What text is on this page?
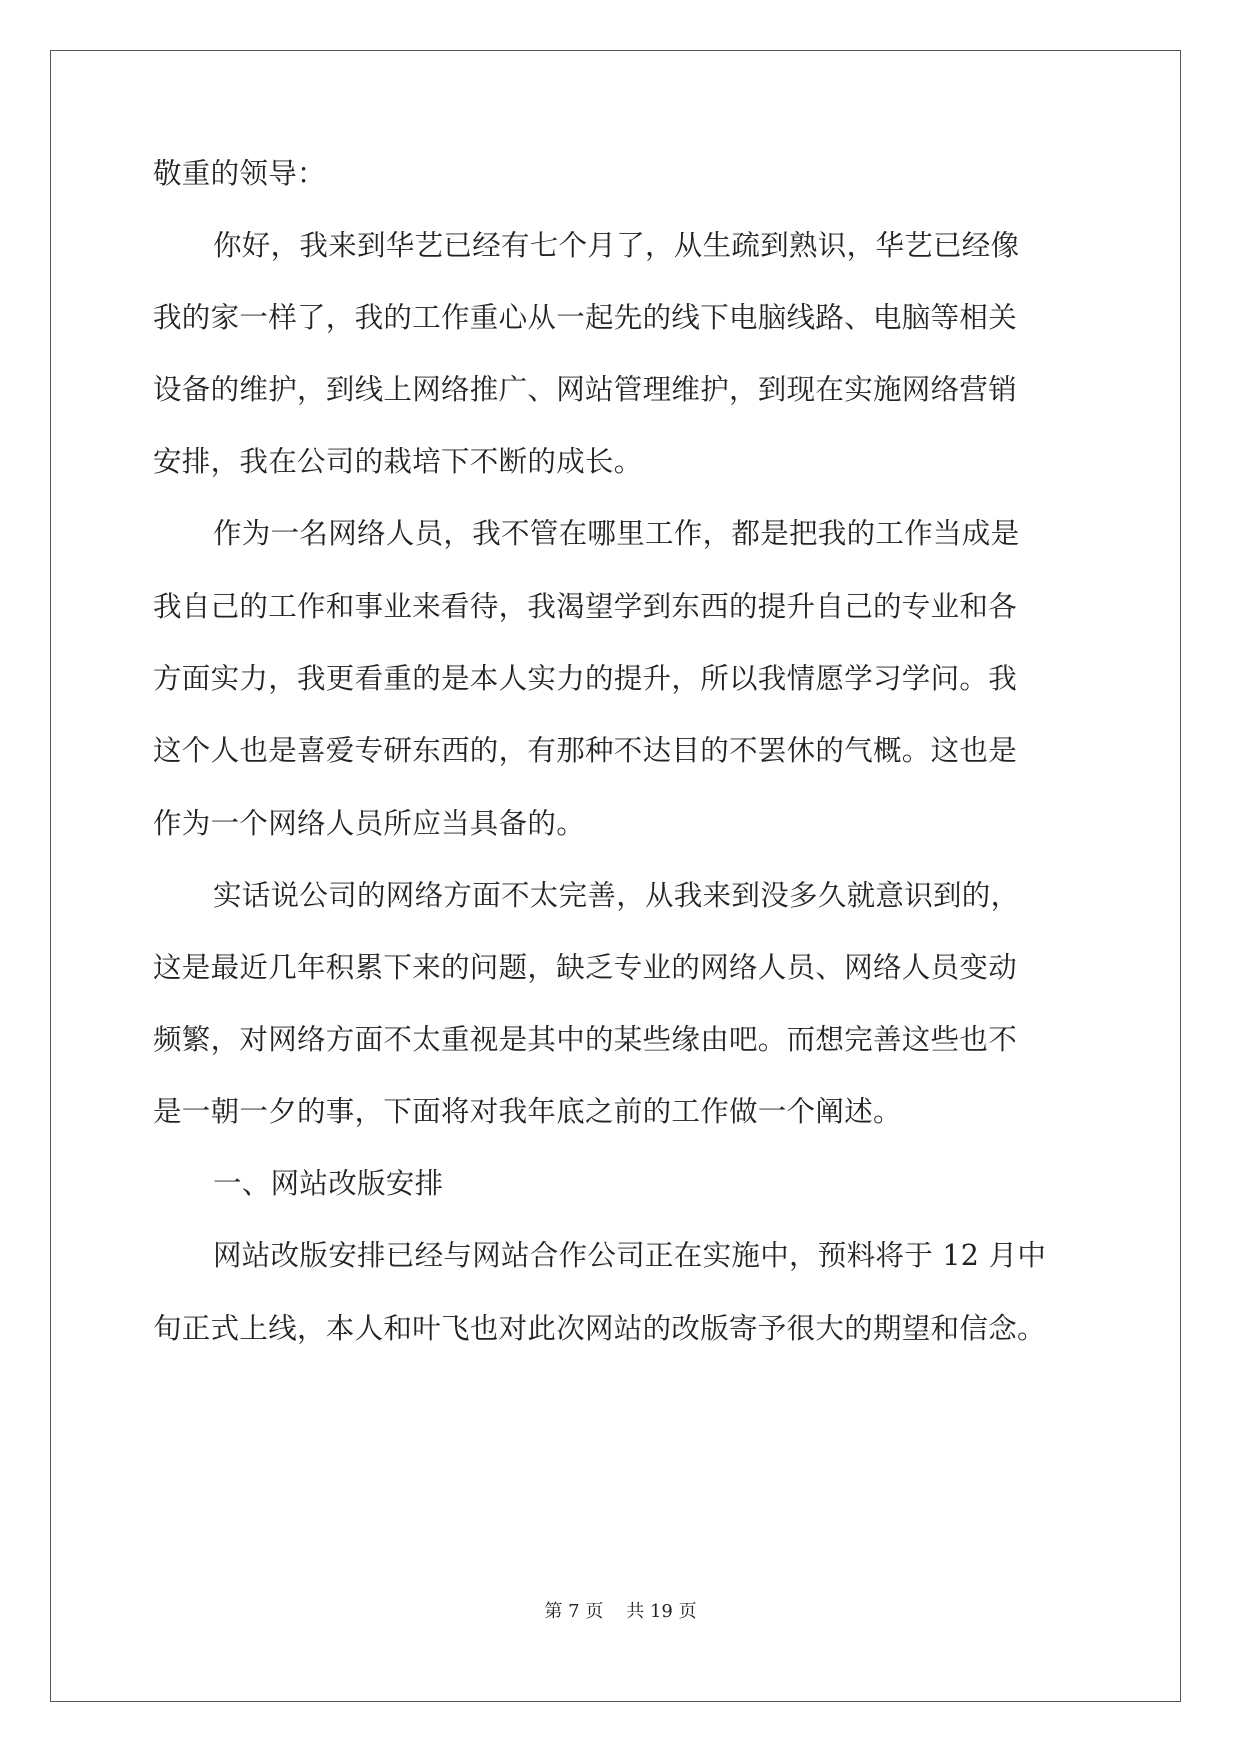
敬重的领导：
你好，我来到华艺已经有七个月了，从生疏到熟识，华艺已经像
我的家一样了，我的工作重心从一起先的线下电脑线路、电脑等相关
设备的维护，到线上网络推广、网站管理维护，到现在实施网络营销
安排，我在公司的栽培下不断的成长。
作为一名网络人员，我不管在哪里工作，都是把我的工作当成是
我自己的工作和事业来看待，我渴望学到东西的提升自己的专业和各
方面实力，我更看重的是本人实力的提升，所以我情愿学习学问。我
这个人也是喜爱专研东西的，有那种不达目的不罢休的气概。这也是
作为一个网络人员所应当具备的。
实话说公司的网络方面不太完善，从我来到没多久就意识到的，
这是最近几年积累下来的问题，缺乏专业的网络人员、网络人员变动
频繁，对网络方面不太重视是其中的某些缘由吧。而想完善这些也不
是一朝一夕的事，下面将对我年底之前的工作做一个阐述。
一、网站改版安排
网站改版安排已经与网站合作公司正在实施中，预料将于 12 月中
旬正式上线，本人和叶飞也对此次网站的改版寄予很大的期望和信念。
第 7 页 共 19 页
